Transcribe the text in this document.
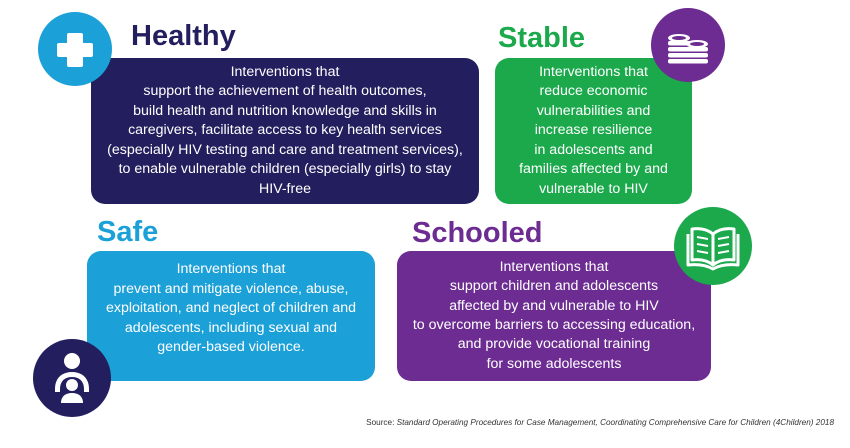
Healthy
Interventions that
support the achievement of health outcomes,
build health and nutrition knowledge and skills in
caregivers, facilitate access to key health services
(especially HIV testing and care and treatment services),
to enable vulnerable children (especially girls) to stay
HIV-free
Stable
Interventions that
reduce economic
vulnerabilities and
increase resilience
in adolescents and
families affected by and
vulnerable to HIV
Safe
Interventions that
prevent and mitigate violence, abuse,
exploitation, and neglect of children and
adolescents, including sexual and
gender-based violence.
Schooled
Interventions that
support children and adolescents
affected by and vulnerable to HIV
to overcome barriers to accessing education,
and provide vocational training
for some adolescents
Source: Standard Operating Procedures for Case Management, Coordinating Comprehensive Care for Children (4Children) 2018
